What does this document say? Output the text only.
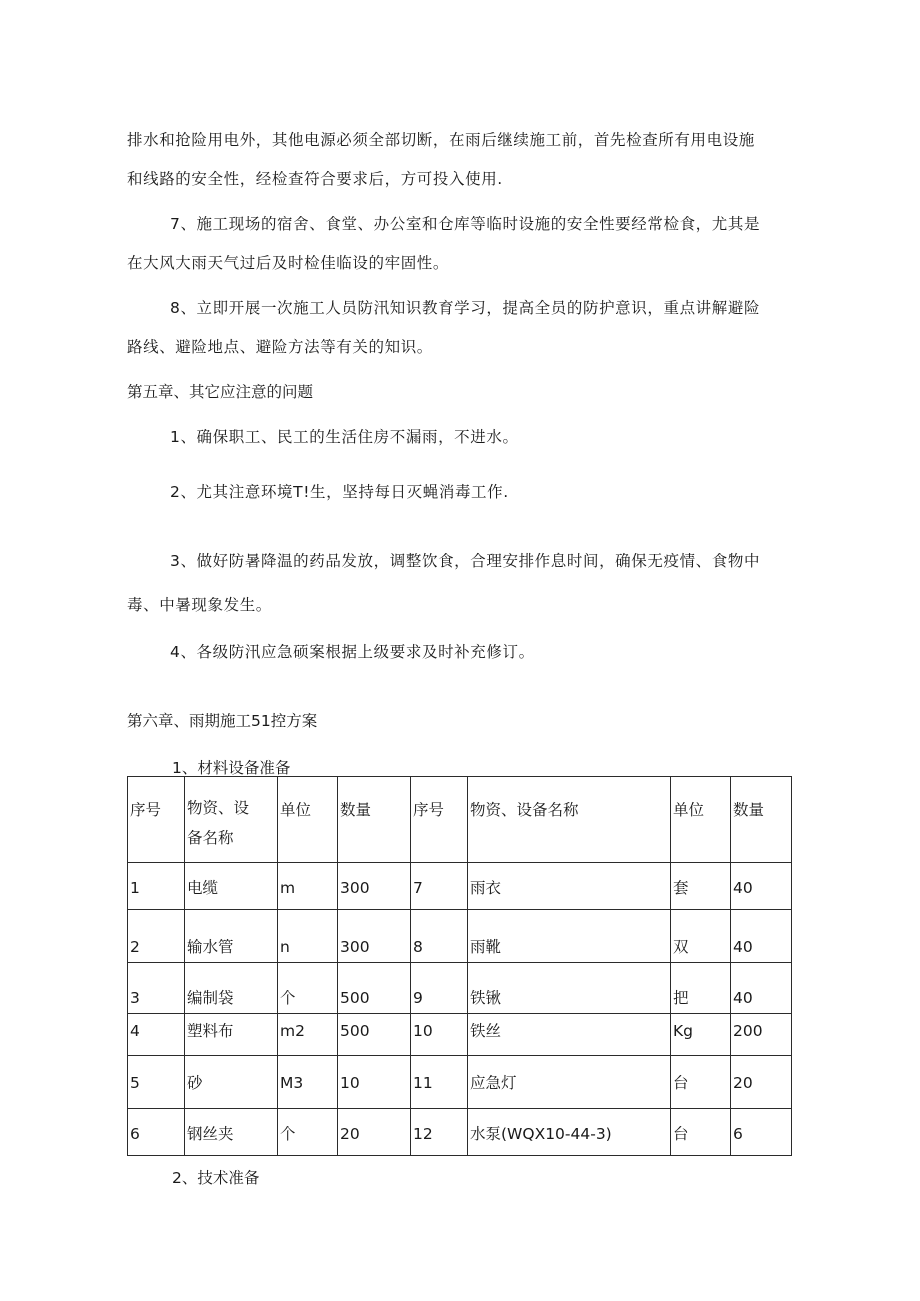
排水和抢险用电外，其他电源必须全部切断，在雨后继续施工前，首先检查所有用电设施
和线路的安全性，经检查符合要求后，方可投入使用.
7、施工现场的宿舍、食堂、办公室和仓库等临时设施的安全性要经常检食，尤其是
在大风大雨天气过后及时检佳临设的牢固性。
8、立即开展一次施工人员防汛知识教育学习，提高全员的防护意识，重点讲解避险
路线、避险地点、避险方法等有关的知识。
第五章、其它应注意的问题
1、确保职工、民工的生活住房不漏雨，不进水。
2、尤其注意环境T!生，坚持每日灭蝇消毒工作.
3、做好防暑降温的药品发放，调整饮食，合理安排作息时间，确保无疫情、食物中
毒、中暑现象发生。
4、各级防汛应急硕案根据上级要求及时补充修订。
第六章、雨期施工51控方案
1、材料设备准备
序号	物资、设
备名称	单位	数量	序号	物资、设备名称	单位	数量

1	电缆	m	300	7	雨衣	套	40

2	输水管	n	300	8	雨靴	双	40

3	编制袋	个	500	9	铁锹	把	40

4	塑料布	m2	500	10	铁丝	Kg	200

5	砂	M3	10	11	应急灯	台	20

6	钢丝夹	个	20	12	水泵(WQX10-44-3)	台	6
2、技术准备
